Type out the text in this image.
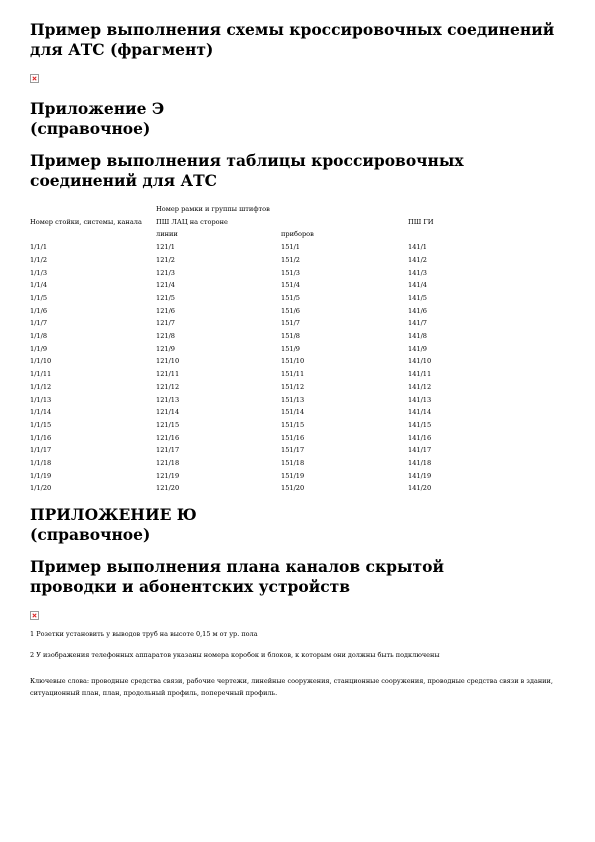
Пример выполнения схемы кроссировочных соединений для АТС (фрагмент)
Приложение Э
(справочное)
Пример выполнения таблицы кроссировочных соединений для АТС
	Номер рамки и группы штифтов		
Номер стойки, системы, канала	ПШ ЛАЦ на стороне		ПШ ГИ
	линии	приборов	
1/1/1	121/1	151/1	141/1
1/1/2	121/2	151/2	141/2
1/1/3	121/3	151/3	141/3
1/1/4	121/4	151/4	141/4
1/1/5	121/5	151/5	141/5
1/1/6	121/6	151/6	141/6
1/1/7	121/7	151/7	141/7
1/1/8	121/8	151/8	141/8
1/1/9	121/9	151/9	141/9
1/1/10	121/10	151/10	141/10
1/1/11	121/11	151/11	141/11
1/1/12	121/12	151/12	141/12
1/1/13	121/13	151/13	141/13
1/1/14	121/14	151/14	141/14
1/1/15	121/15	151/15	141/15
1/1/16	121/16	151/16	141/16
1/1/17	121/17	151/17	141/17
1/1/18	121/18	151/18	141/18
1/1/19	121/19	151/19	141/19
1/1/20	121/20	151/20	141/20
ПРИЛОЖЕНИЕ Ю
(справочное)
Пример выполнения плана каналов скрытой проводки и абонентских устройств

1 Розетки установить у выводов труб на высоте 0,15 м от ур. пола

2 У изображения телефонных аппаратов указаны номера коробок и блоков, к которым они должны быть подключены

Ключевые слова: проводные средства связи, рабочие чертежи, линейные сооружения, станционные сооружения, проводные средства связи в здании, ситуационный план, план, продольный профиль, поперечный профиль.
